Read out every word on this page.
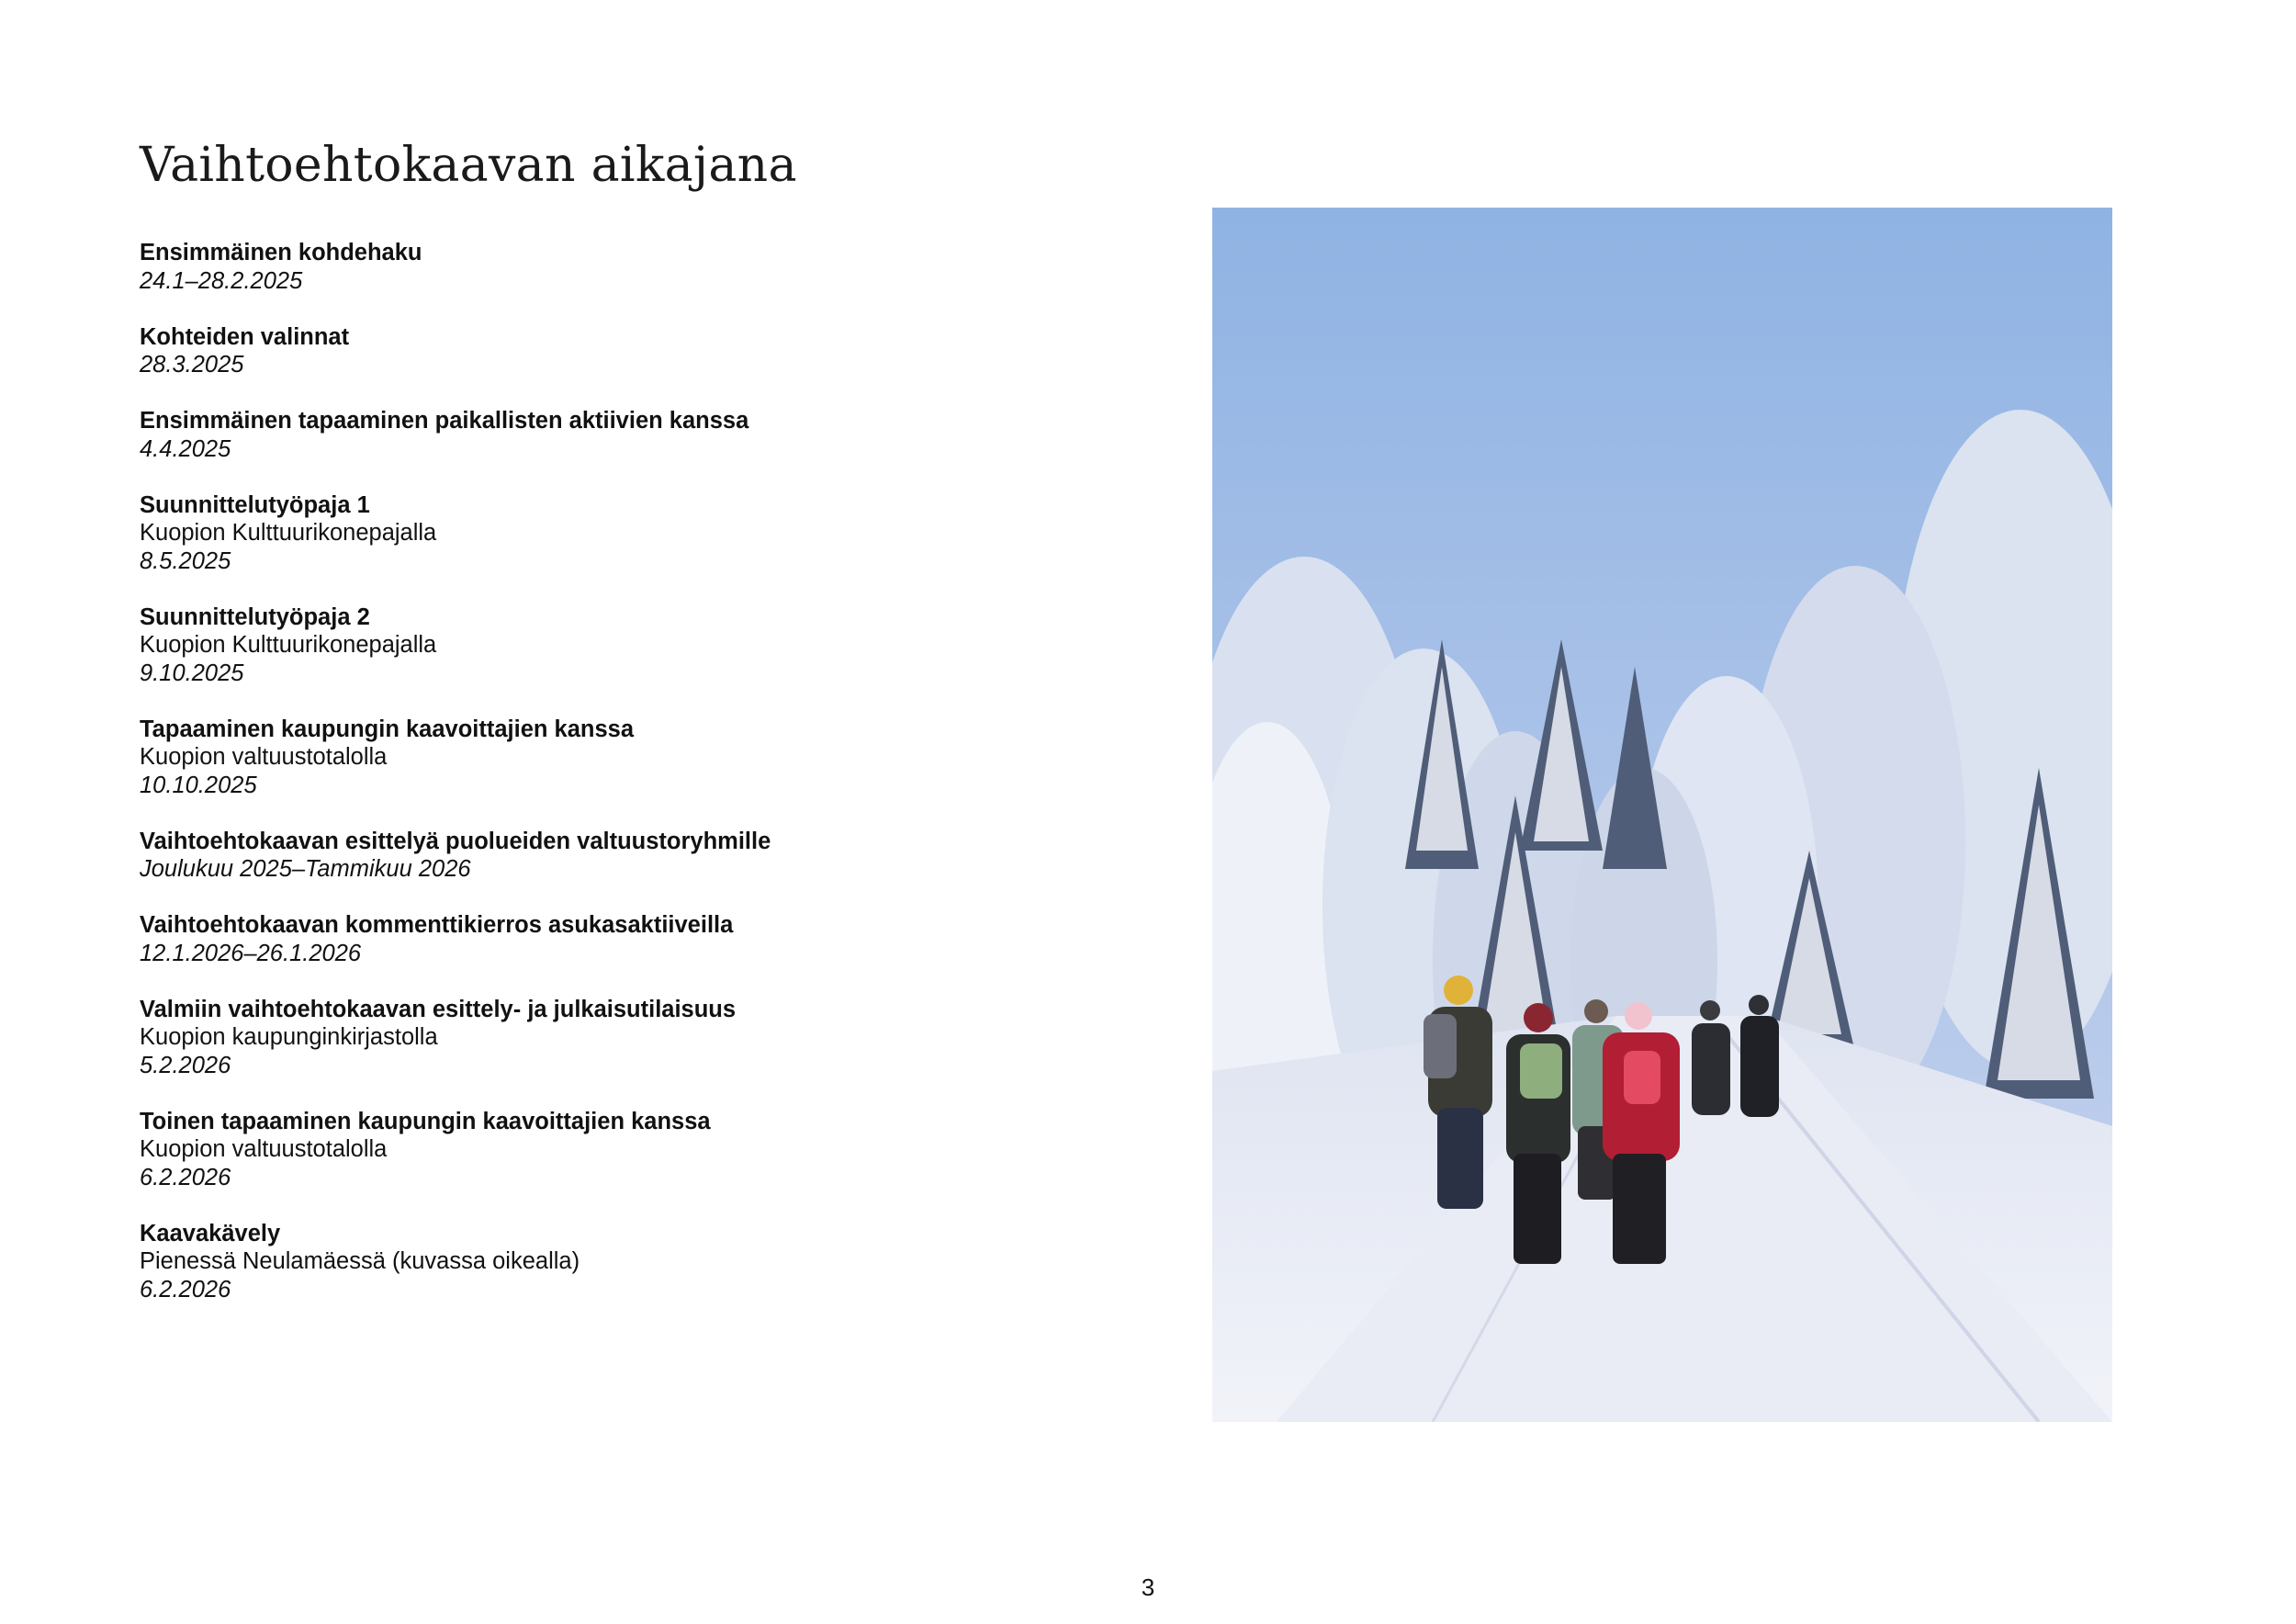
Vaihtoehtokaavan aikajana
Ensimmäinen kohdehaku
24.1–28.2.2025
Kohteiden valinnat
28.3.2025
Ensimmäinen tapaaminen paikallisten aktiivien kanssa
4.4.2025
Suunnittelutyöpaja 1
Kuopion Kulttuurikonepajalla
8.5.2025
Suunnittelutyöpaja 2
Kuopion Kulttuurikonepajalla
9.10.2025
Tapaaminen kaupungin kaavoittajien kanssa
Kuopion valtuustotalolla
10.10.2025
Vaihtoehtokaavan esittelyä puolueiden valtuustoryhmille
Joulukuu 2025–Tammikuu 2026
Vaihtoehtokaavan kommenttikierros asukasaktiiveilla
12.1.2026–26.1.2026
Valmiin vaihtoehtokaavan esittely- ja julkaisutilaisuus
Kuopion kaupunginkirjastolla
5.2.2026
Toinen tapaaminen kaupungin kaavoittajien kanssa
Kuopion valtuustotalolla
6.2.2026
Kaavakävely
Pienessä Neulamäessä (kuvassa oikealla)
6.2.2026
3
